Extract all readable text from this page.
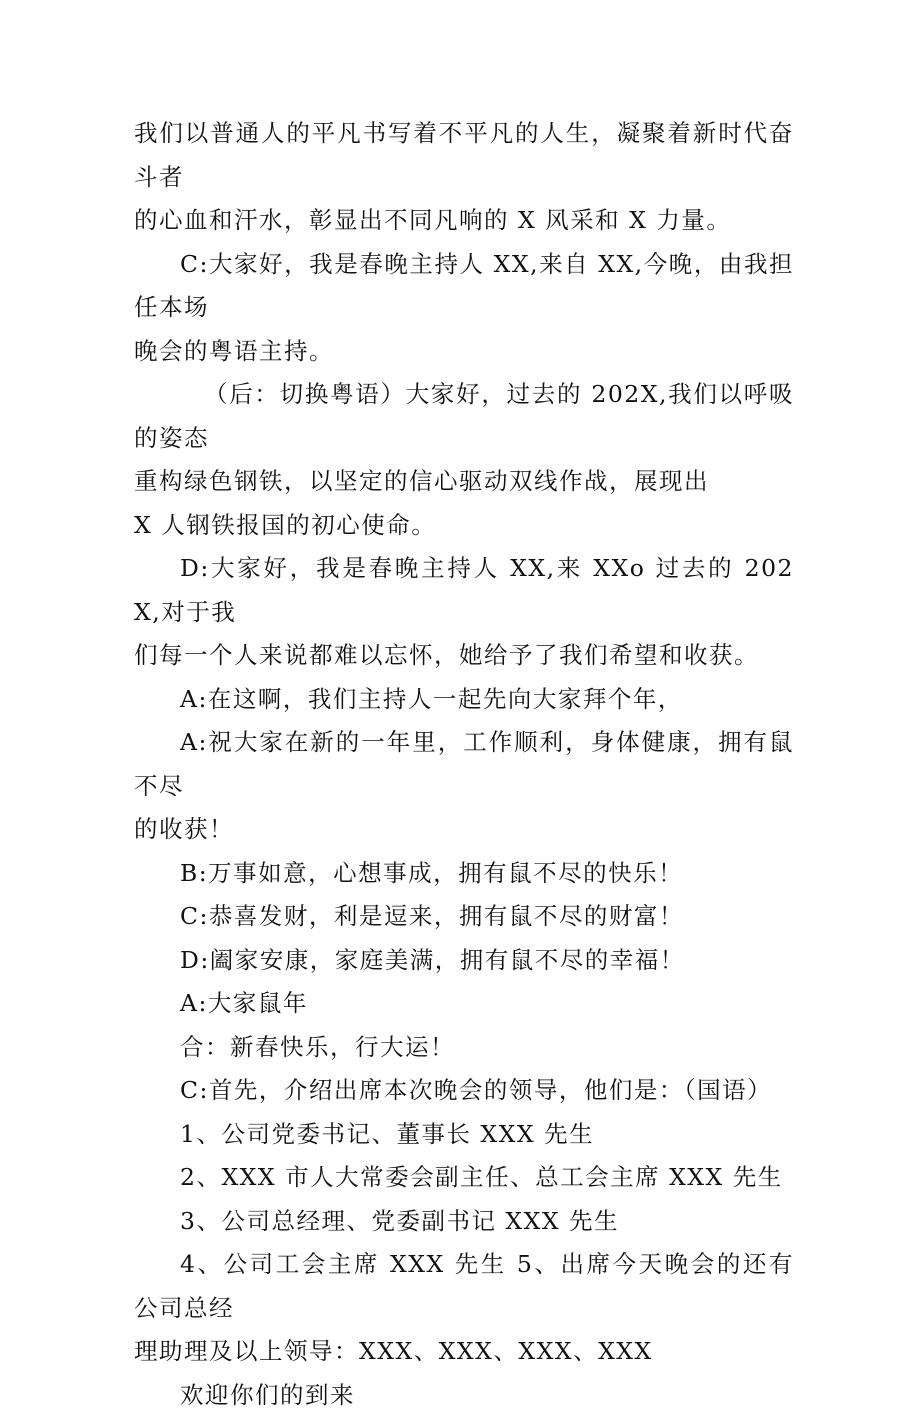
我们以普通人的平凡书写着不平凡的人生，凝聚着新时代奋斗者
的心血和汗水，彰显出不同凡响的 X 风采和 X 力量。

C:大家好，我是春晚主持人 XX,来自 XX,今晚，由我担任本场
晚会的粤语主持。

（后：切换粤语）大家好，过去的 202X,我们以呼吸的姿态
重构绿色钢铁，以坚定的信心驱动双线作战，展现出
X 人钢铁报国的初心使命。

D:大家好，我是春晚主持人 XX,来 XXo 过去的 202X,对于我
们每一个人来说都难以忘怀，她给予了我们希望和收获。

A:在这啊，我们主持人一起先向大家拜个年，

A:祝大家在新的一年里，工作顺利，身体健康，拥有鼠不尽
的收获！

B:万事如意，心想事成，拥有鼠不尽的快乐！

C:恭喜发财，利是逗来，拥有鼠不尽的财富！

D:阖家安康，家庭美满，拥有鼠不尽的幸福！

A:大家鼠年

合：新春快乐，行大运！

C:首先，介绍出席本次晚会的领导，他们是：（国语）

1、公司党委书记、董事长 XXX 先生

2、XXX 市人大常委会副主任、总工会主席 XXX 先生

3、公司总经理、党委副书记 XXX 先生

4、公司工会主席 XXX 先生 5、出席今天晚会的还有公司总经
理助理及以上领导：XXX、XXX、XXX、XXX

欢迎你们的到来
